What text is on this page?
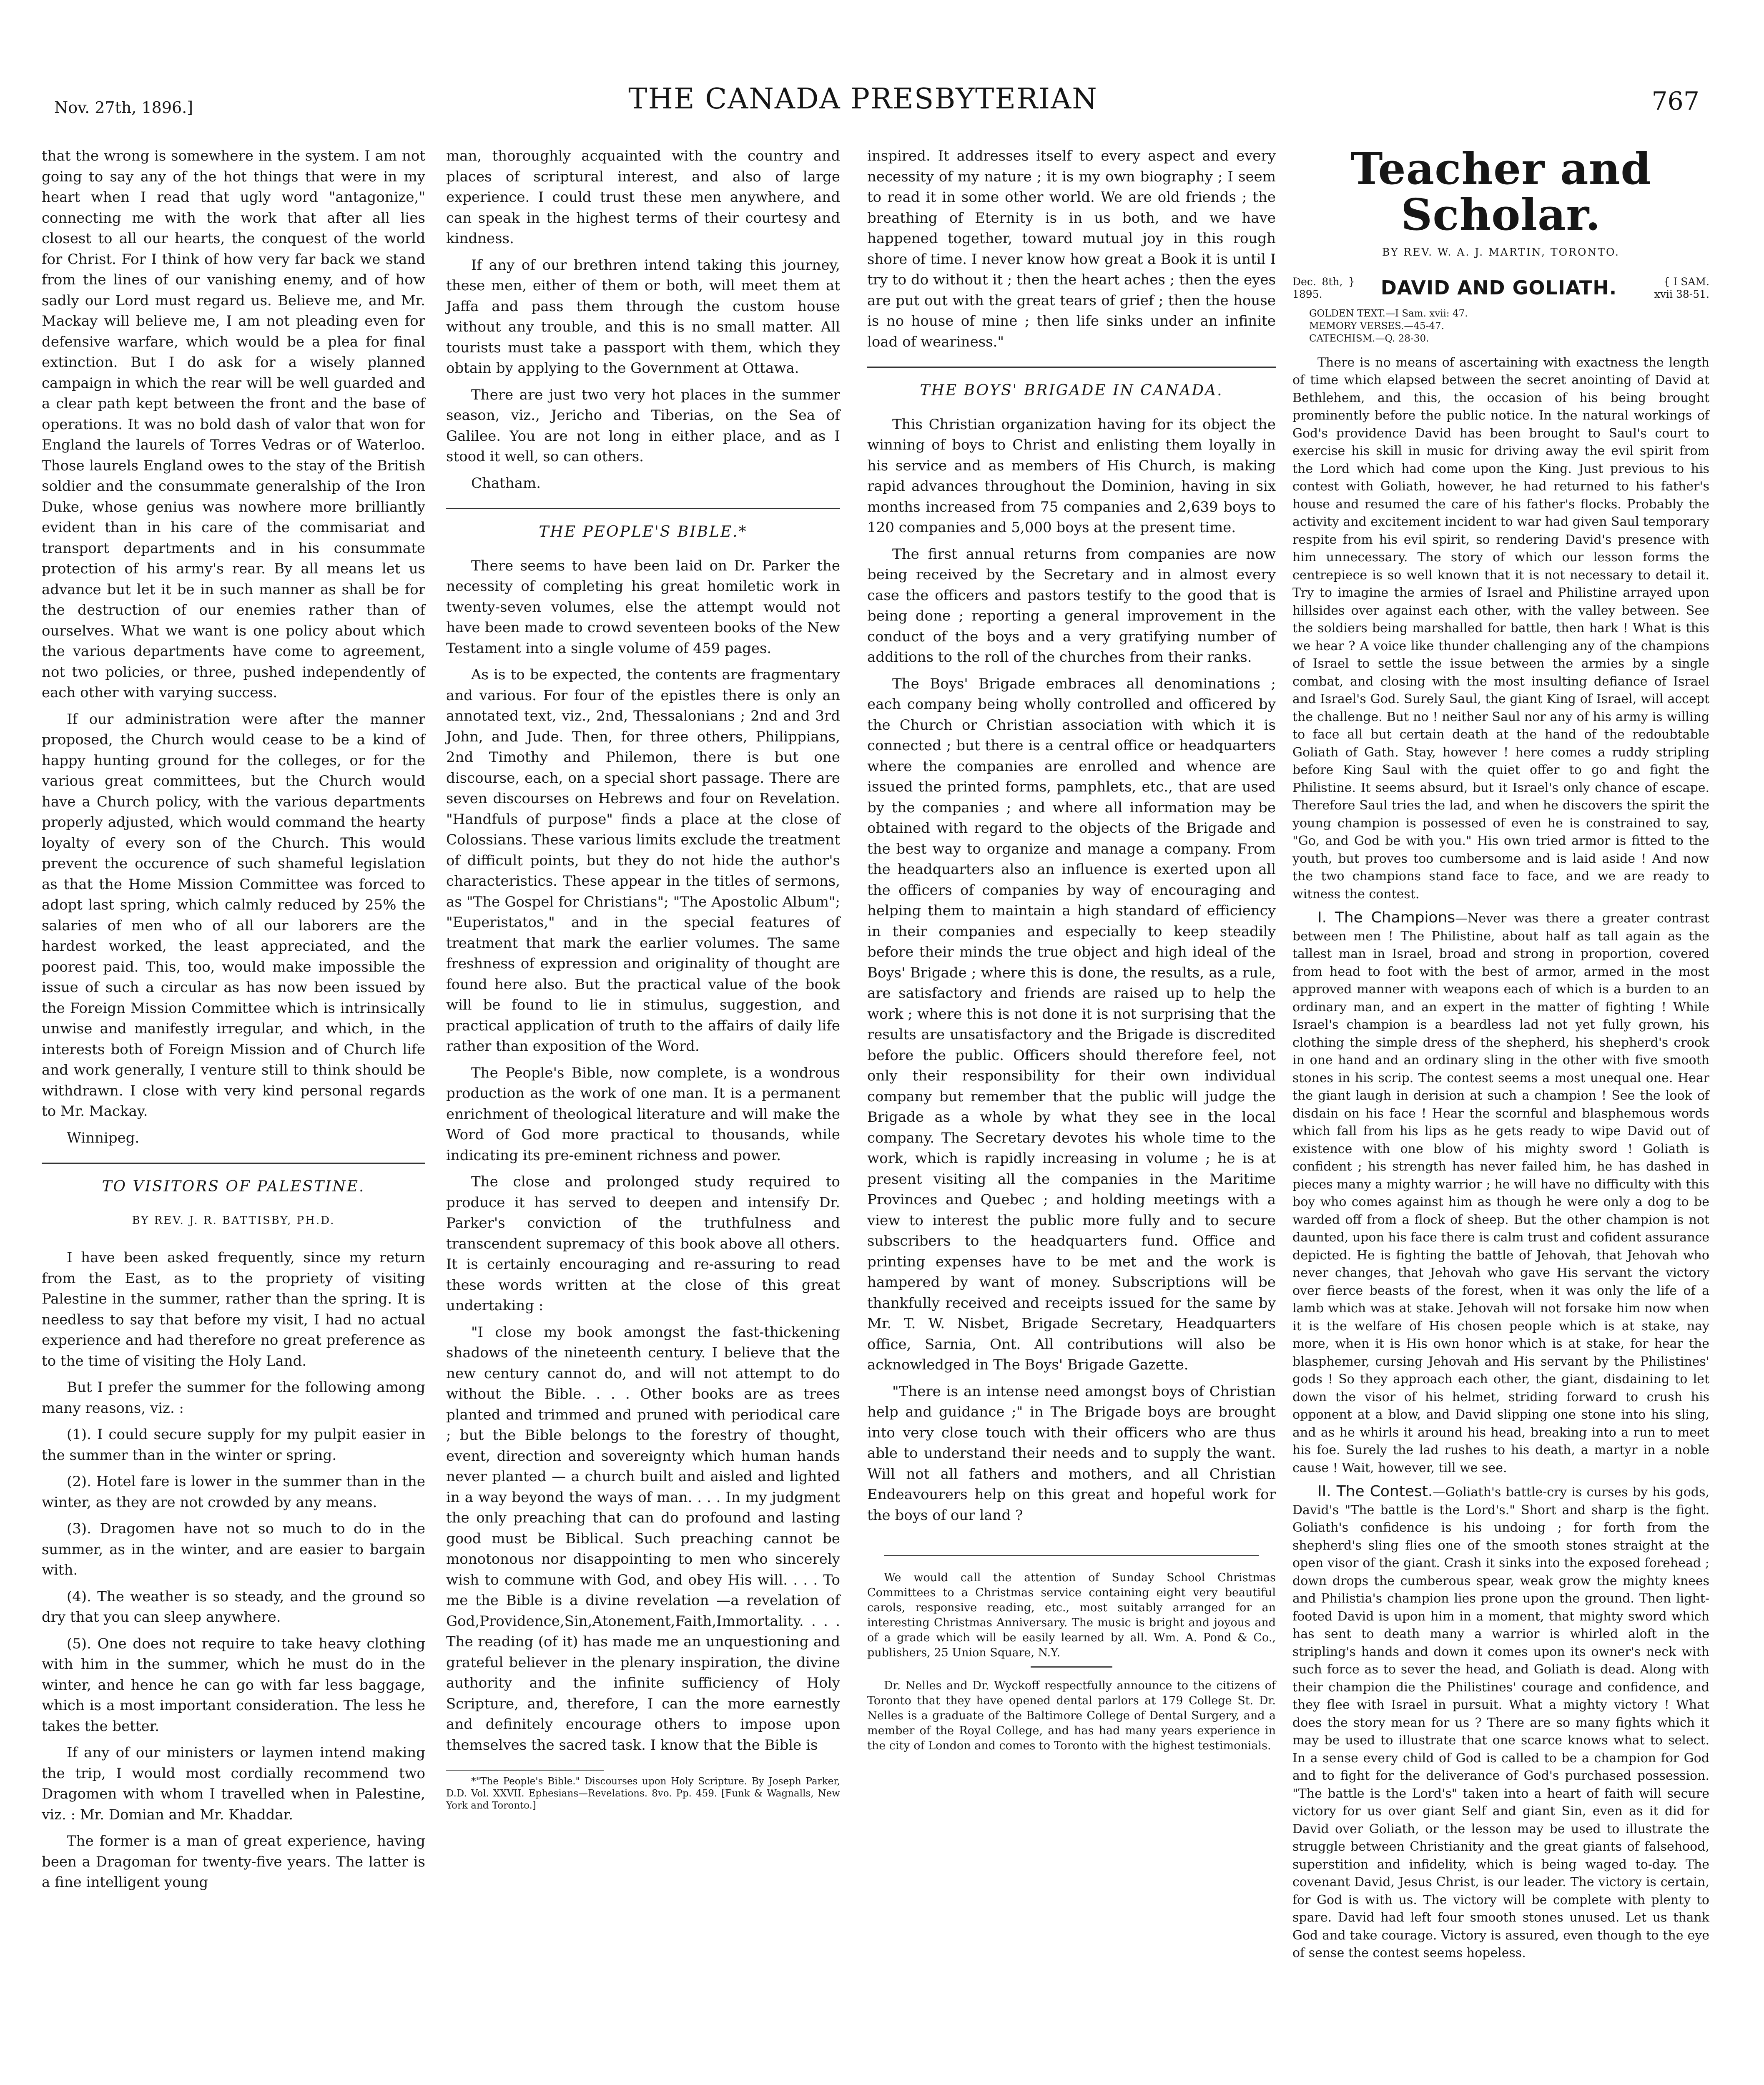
Nov. 27th, 1896.]	THE CANADA PRESBYTERIAN	767

that the wrong is somewhere in the system. I am not going to say any of the hot things that were in my heart when I read that ugly word "antagonize," connecting me with the work that after all lies closest to all our hearts, the conquest of the world for Christ. For I think of how very far back we stand from the lines of our vanishing enemy, and of how sadly our Lord must regard us. Believe me, and Mr. Mackay will believe me, I am not pleading even for defensive warfare, which would be a plea for final extinction. But I do ask for a wisely planned campaign in which the rear will be well guarded and a clear path kept between the front and the base of operations. It was no bold dash of valor that won for England the laurels of Torres Vedras or of Waterloo. Those laurels England owes to the stay of the British soldier and the consummate generalship of the Iron Duke, whose genius was nowhere more brilliantly evident than in his care of the commisariat and transport departments and in his consummate protection of his army's rear. By all means let us advance but let it be in such manner as shall be for the destruction of our enemies rather than of ourselves. What we want is one policy about which the various departments have come to agreement, not two policies, or three, pushed independently of each other with varying success.

If our administration were after the manner proposed, the Church would cease to be a kind of happy hunting ground for the colleges, or for the various great committees, but the Church would have a Church policy, with the various departments properly adjusted, which would command the hearty loyalty of every son of the Church. This would prevent the occurence of such shameful legislation as that the Home Mission Committee was forced to adopt last spring, which calmly reduced by 25% the salaries of men who of all our laborers are the hardest worked, the least appreciated, and the poorest paid. This, too, would make impossible the issue of such a circular as has now been issued by the Foreign Mission Committee which is intrinsically unwise and manifestly irregular, and which, in the interests both of Foreign Mission and of Church life and work generally, I venture still to think should be withdrawn. I close with very kind personal regards to Mr. Mackay.

Winnipeg.

TO VISITORS OF PALESTINE.
BY REV. J. R. BATTISBY, PH.D.

I have been asked frequently, since my return from the East, as to the propriety of visiting Palestine in the summer, rather than the spring. It is needless to say that before my visit, I had no actual experience and had therefore no great preference as to the time of visiting the Holy Land.

But I prefer the summer for the following among many reasons, viz. :

(1). I could secure supply for my pulpit easier in the summer than in the winter or spring.

(2). Hotel fare is lower in the summer than in the winter, as they are not crowded by any means.

(3). Dragomen have not so much to do in the summer, as in the winter, and are easier to bargain with.

(4). The weather is so steady, and the ground so dry that you can sleep anywhere.

(5). One does not require to take heavy clothing with him in the summer, which he must do in the winter, and hence he can go with far less baggage, which is a most important consideration. The less he takes the better.

If any of our ministers or laymen intend making the trip, I would most cordially recommend two Dragomen with whom I travelled when in Palestine, viz. : Mr. Domian and Mr. Khaddar.

The former is a man of great experience, having been a Dragoman for twenty-five years. The latter is a fine intelligent young

man, thoroughly acquainted with the country and places of scriptural interest, and also of large experience. I could trust these men anywhere, and can speak in the highest terms of their courtesy and kindness.

If any of our brethren intend taking this journey, these men, either of them or both, will meet them at Jaffa and pass them through the custom house without any trouble, and this is no small matter. All tourists must take a passport with them, which they obtain by applying to the Government at Ottawa.

There are just two very hot places in the summer season, viz., Jericho and Tiberias, on the Sea of Galilee. You are not long in either place, and as I stood it well, so can others.

Chatham.

THE PEOPLE'S BIBLE.*

There seems to have been laid on Dr. Parker the necessity of completing his great homiletic work in twenty-seven volumes, else the attempt would not have been made to crowd seventeen books of the New Testament into a single volume of 459 pages.

As is to be expected, the contents are fragmentary and various. For four of the epistles there is only an annotated text, viz., 2nd, Thessalonians ; 2nd and 3rd John, and Jude. Then, for three others, Philippians, 2nd Timothy and Philemon, there is but one discourse, each, on a special short passage. There are seven discourses on Hebrews and four on Revelation. "Handfuls of purpose" finds a place at the close of Colossians. These various limits exclude the treatment of difficult points, but they do not hide the author's characteristics. These appear in the titles of sermons, as "The Gospel for Christians"; "The Apostolic Album"; "Euperistatos," and in the special features of treatment that mark the earlier volumes. The same freshness of expression and originality of thought are found here also. But the practical value of the book will be found to lie in stimulus, suggestion, and practical application of truth to the affairs of daily life rather than exposition of the Word.

The People's Bible, now complete, is a wondrous production as the work of one man. It is a permanent enrichment of theological literature and will make the Word of God more practical to thousands, while indicating its pre-eminent richness and power.

The close and prolonged study required to produce it has served to deepen and intensify Dr. Parker's conviction of the truthfulness and transcendent supremacy of this book above all others. It is certainly encouraging and re-assuring to read these words written at the close of this great undertaking :

"I close my book amongst the fast-thickening shadows of the nineteenth century. I believe that the new century cannot do, and will not attempt to do without the Bible. . . . Other books are as trees planted and trimmed and pruned with periodical care ; but the Bible belongs to the forestry of thought, event, direction and sovereignty which human hands never planted — a church built and aisled and lighted in a way beyond the ways of man. . . . In my judgment the only preaching that can do profound and lasting good must be Biblical. Such preaching cannot be monotonous nor disappointing to men who sincerely wish to commune with God, and obey His will. . . . To me the Bible is a divine revelation —a revelation of God,Providence,Sin,Atonement,Faith,Immortality. . . . The reading (of it) has made me an unquestioning and grateful believer in the plenary inspiration, the divine authority and the infinite sufficiency of Holy Scripture, and, therefore, I can the more earnestly and definitely encourage others to impose upon themselves the sacred task. I know that the Bible is

*"The People's Bible." Discourses upon Holy Scripture. By Joseph Parker, D.D. Vol. XXVII. Ephesians—Revelations. 8vo. Pp. 459. [Funk & Wagnalls, New York and Toronto.]

inspired. It addresses itself to every aspect and every necessity of my nature ; it is my own biography ; I seem to read it in some other world. We are old friends ; the breathing of Eternity is in us both, and we have happened together, toward mutual joy in this rough shore of time. I never know how great a Book it is until I try to do without it ; then the heart aches ; then the eyes are put out with the great tears of grief ; then the house is no house of mine ; then life sinks under an infinite load of weariness."

THE BOYS' BRIGADE IN CANADA.

This Christian organization having for its object the winning of boys to Christ and enlisting them loyally in his service and as members of His Church, is making rapid advances throughout the Dominion, having in six months increased from 75 companies and 2,639 boys to 120 companies and 5,000 boys at the present time.

The first annual returns from companies are now being received by the Secretary and in almost every case the officers and pastors testify to the good that is being done ; reporting a general improvement in the conduct of the boys and a very gratifying number of additions to the roll of the churches from their ranks.

The Boys' Brigade embraces all denominations ; each company being wholly controlled and officered by the Church or Christian association with which it is connected ; but there is a central office or headquarters where the companies are enrolled and whence are issued the printed forms, pamphlets, etc., that are used by the companies ; and where all information may be obtained with regard to the objects of the Brigade and the best way to organize and manage a company. From the headquarters also an influence is exerted upon all the officers of companies by way of encouraging and helping them to maintain a high standard of efficiency in their companies and especially to keep steadily before their minds the true object and high ideal of the Boys' Brigade ; where this is done, the results, as a rule, are satisfactory and friends are raised up to help the work ; where this is not done it is not surprising that the results are unsatisfactory and the Brigade is discredited before the public. Officers should therefore feel, not only their responsibility for their own individual company but remember that the public will judge the Brigade as a whole by what they see in the local company. The Secretary devotes his whole time to the work, which is rapidly increasing in volume ; he is at present visiting all the companies in the Maritime Provinces and Quebec ; and holding meetings with a view to interest the public more fully and to secure subscribers to the headquarters fund. Office and printing expenses have to be met and the work is hampered by want of money. Subscriptions will be thankfully received and receipts issued for the same by Mr. T. W. Nisbet, Brigade Secretary, Headquarters office, Sarnia, Ont. All contributions will also be acknowledged in The Boys' Brigade Gazette.

"There is an intense need amongst boys of Christian help and guidance ;" in The Brigade boys are brought into very close touch with their officers who are thus able to understand their needs and to supply the want. Will not all fathers and mothers, and all Christian Endeavourers help on this great and hopeful work for the boys of our land ?

We would call the attention of Sunday School Christmas Committees to a Christmas service containing eight very beautiful carols, responsive reading, etc., most suitably arranged for an interesting Christmas Anniversary. The music is bright and joyous and of a grade which will be easily learned by all. Wm. A. Pond & Co., publishers, 25 Union Square, N.Y.

Dr. Nelles and Dr. Wyckoff respectfully announce to the citizens of Toronto that they have opened dental parlors at 179 College St. Dr. Nelles is a graduate of the Baltimore College of Dental Surgery, and a member of the Royal College, and has had many years experience in the city of London and comes to Toronto with the highest testimonials.

Teacher and Scholar.
BY REV. W. A. J. MARTIN, TORONTO.
Dec. 8th, } 1895.	DAVID AND GOLIATH.	{ I SAM. xvii 38-51.
GOLDEN TEXT.—I Sam. xvii: 47.
MEMORY VERSES.—45-47.
CATECHISM.—Q. 28-30.

There is no means of ascertaining with exactness the length of time which elapsed between the secret anointing of David at Bethlehem, and this, the occasion of his being brought prominently before the public notice. In the natural workings of God's providence David has been brought to Saul's court to exercise his skill in music for driving away the evil spirit from the Lord which had come upon the King. Just previous to his contest with Goliath, however, he had returned to his father's house and resumed the care of his father's flocks. Probably the activity and excitement incident to war had given Saul temporary respite from his evil spirit, so rendering David's presence with him unnecessary. The story of which our lesson forms the centrepiece is so well known that it is not necessary to detail it. Try to imagine the armies of Israel and Philistine arrayed upon hillsides over against each other, with the valley between. See the soldiers being marshalled for battle, then hark ! What is this we hear ? A voice like thunder challenging any of the champions of Israel to settle the issue between the armies by a single combat, and closing with the most insulting defiance of Israel and Israel's God. Surely Saul, the giant King of Israel, will accept the challenge. But no ! neither Saul nor any of his army is willing to face all but certain death at the hand of the redoubtable Goliath of Gath. Stay, however ! here comes a ruddy stripling before King Saul with the quiet offer to go and fight the Philistine. It seems absurd, but it Israel's only chance of escape. Therefore Saul tries the lad, and when he discovers the spirit the young champion is possessed of even he is constrained to say, "Go, and God be with you." His own tried armor is fitted to the youth, but proves too cumbersome and is laid aside ! And now the two champions stand face to face, and we are ready to witness the contest.

I. The Champions—Never was there a greater contrast between men ! The Philistine, about half as tall again as the tallest man in Israel, broad and strong in proportion, covered from head to foot with the best of armor, armed in the most approved manner with weapons each of which is a burden to an ordinary man, and an expert in the matter of fighting ! While Israel's champion is a beardless lad not yet fully grown, his clothing the simple dress of the shepherd, his shepherd's crook in one hand and an ordinary sling in the other with five smooth stones in his scrip. The contest seems a most unequal one. Hear the giant laugh in derision at such a champion ! See the look of disdain on his face ! Hear the scornful and blasphemous words which fall from his lips as he gets ready to wipe David out of existence with one blow of his mighty sword ! Goliath is confident ; his strength has never failed him, he has dashed in pieces many a mighty warrior ; he will have no difficulty with this boy who comes against him as though he were only a dog to be warded off from a flock of sheep. But the other champion is not daunted, upon his face there is calm trust and cofident assurance depicted. He is fighting the battle of Jehovah, that Jehovah who never changes, that Jehovah who gave His servant the victory over fierce beasts of the forest, when it was only the life of a lamb which was at stake. Jehovah will not forsake him now when it is the welfare of His chosen people which is at stake, nay more, when it is His own honor which is at stake, for hear the blasphemer, cursing Jehovah and His servant by the Philistines' gods ! So they approach each other, the giant, disdaining to let down the visor of his helmet, striding forward to crush his opponent at a blow, and David slipping one stone into his sling, and as he whirls it around his head, breaking into a run to meet his foe. Surely the lad rushes to his death, a martyr in a noble cause ! Wait, however, till we see.

II. The Contest.—Goliath's battle-cry is curses by his gods, David's "The battle is the Lord's." Short and sharp is the fight. Goliath's confidence is his undoing ; for forth from the shepherd's sling flies one of the smooth stones straight at the open visor of the giant. Crash it sinks into the exposed forehead ; down drops the cumberous spear, weak grow the mighty knees and Philistia's champion lies prone upon the ground. Then light-footed David is upon him in a moment, that mighty sword which has sent to death many a warrior is whirled aloft in the stripling's hands and down it comes upon its owner's neck with such force as to sever the head, and Goliath is dead. Along with their champion die the Philistines' courage and confidence, and they flee with Israel in pursuit. What a mighty victory ! What does the story mean for us ? There are so many fights which it may be used to illustrate that one scarce knows what to select. In a sense every child of God is called to be a champion for God and to fight for the deliverance of God's purchased possession. "The battle is the Lord's" taken into a heart of faith will secure victory for us over giant Self and giant Sin, even as it did for David over Goliath, or the lesson may be used to illustrate the struggle between Christianity and the great giants of falsehood, superstition and infidelity, which is being waged to-day. The covenant David, Jesus Christ, is our leader. The victory is certain, for God is with us. The victory will be complete with plenty to spare. David had left four smooth stones unused. Let us thank God and take courage. Victory is assured, even though to the eye of sense the contest seems hopeless.
